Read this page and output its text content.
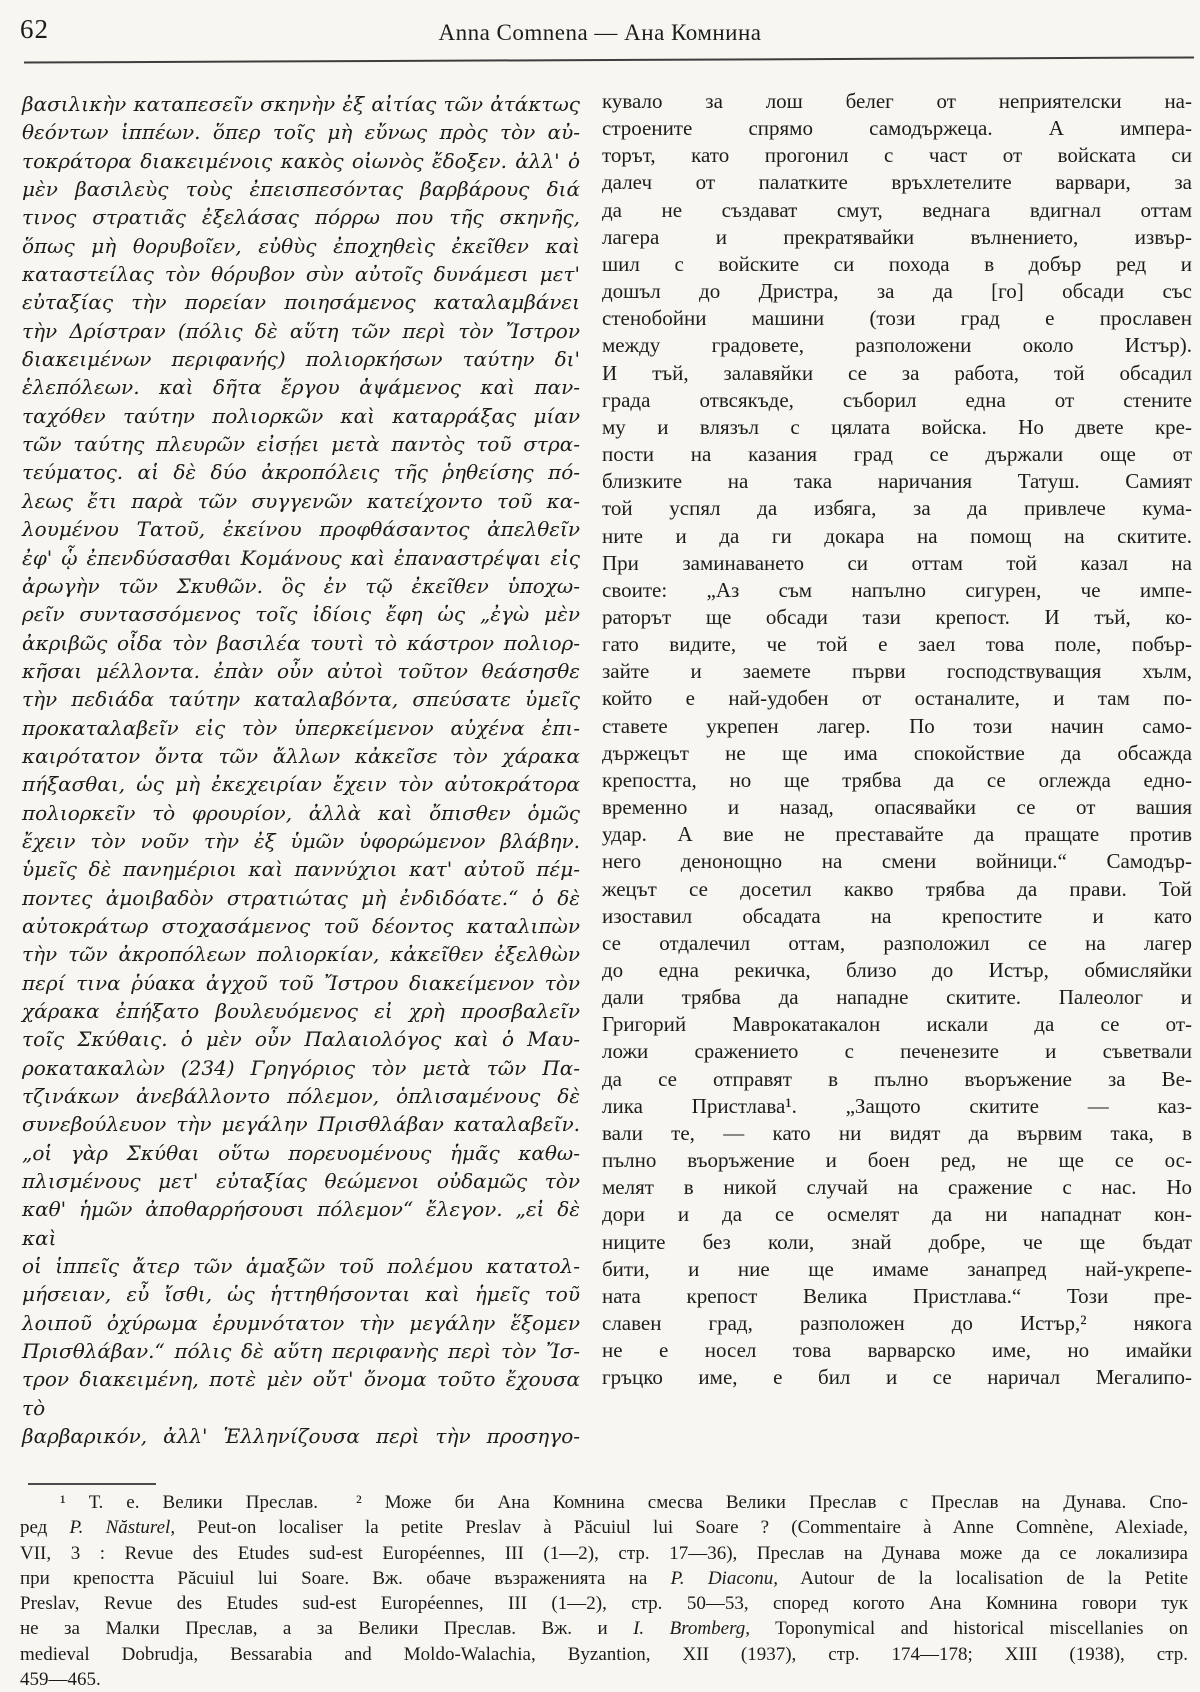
62	Anna Comnena — Ана Комнина
βασιλικὴν καταπεσεῖν σκηνὴν ἐξ αἰτίας τῶν ἀτάκτως
θεόντων ἱππέων. ὅπερ τοῖς μὴ εὔνως πρὸς τὸν αὐ-
τοκράτορα διακειμένοις κακὸς οἰωνὸς ἔδοξεν. ἀλλ' ὁ
μὲν βασιλεὺς τοὺς ἐπεισπεσόντας βαρβάρους διά
τινος στρατιᾶς ἐξελάσας πόρρω που τῆς σκηνῆς,
ὅπως μὴ θορυβοῖεν, εὐθὺς ἐποχηθεὶς ἐκεῖθεν καὶ
καταστείλας τὸν θόρυβον σὺν αὐτοῖς δυνάμεσι μετ'
εὐταξίας τὴν πορείαν ποιησάμενος καταλαμβάνει
τὴν Δρίστραν (πόλις δὲ αὕτη τῶν περὶ τὸν Ἴστρον
διακειμένων περιφανής) πολιορκήσων ταύτην δι'
ἑλεπόλεων. καὶ δῆτα ἔργου ἁψάμενος καὶ παν-
ταχόθεν ταύτην πολιορκῶν καὶ καταρράξας μίαν
τῶν ταύτης πλευρῶν εἰσῄει μετὰ παντὸς τοῦ στρα-
τεύματος. αἱ δὲ δύο ἀκροπόλεις τῆς ῥηθείσης πό-
λεως ἔτι παρὰ τῶν συγγενῶν κατείχοντο τοῦ κα-
λουμένου Τατοῦ, ἐκείνου προφθάσαντος ἀπελθεῖν
ἐφ' ᾧ ἐπενδύσασθαι Κομάνους καὶ ἐπαναστρέψαι εἰς
ἀρωγὴν τῶν Σκυθῶν. ὃς ἐν τῷ ἐκεῖθεν ὑποχω-
ρεῖν συντασσόμενος τοῖς ἰδίοις ἔφη ὡς „ἐγὼ μὲν
ἀκριβῶς οἶδα τὸν βασιλέα τουτὶ τὸ κάστρον πολιορ-
κῆσαι μέλλοντα. ἐπὰν οὖν αὐτοὶ τοῦτον θεάσησθε
τὴν πεδιάδα ταύτην καταλαβόντα, σπεύσατε ὑμεῖς
προκαταλαβεῖν εἰς τὸν ὑπερκείμενον αὐχένα ἐπι-
καιρότατον ὄντα τῶν ἄλλων κἀκεῖσε τὸν χάρακα
πήξασθαι, ὡς μὴ ἐκεχειρίαν ἔχειν τὸν αὐτοκράτορα
πολιορκεῖν τὸ φρουρίον, ἀλλὰ καὶ ὄπισθεν ὁμῶς
ἔχειν τὸν νοῦν τὴν ἐξ ὑμῶν ὑφορώμενον βλάβην.
ὑμεῖς δὲ πανημέριοι καὶ παννύχιοι κατ' αὐτοῦ πέμ-
ποντες ἀμοιβαδὸν στρατιώτας μὴ ἐνδιδόατε.“ ὁ δὲ
αὐτοκράτωρ στοχασάμενος τοῦ δέοντος καταλιπὼν
τὴν τῶν ἀκροπόλεων πολιορκίαν, κἀκεῖθεν ἐξελθὼν
περί τινα ῥύακα ἀγχοῦ τοῦ Ἴστρου διακείμενον τὸν
χάρακα ἐπήξατο βουλευόμενος εἰ χρὴ προσβαλεῖν
τοῖς Σκύθαις. ὁ μὲν οὖν Παλαιολόγος καὶ ὁ Μαυ-
ροκατακαλὼν (234) Γρηγόριος τὸν μετὰ τῶν Πα-
τζινάκων ἀνεβάλλοντο πόλεμον, ὁπλισαμένους δὲ
συνεβούλευον τὴν μεγάλην Πρισθλάβαν καταλαβεῖν.
„οἱ γὰρ Σκύθαι οὕτω πορευομένους ἡμᾶς καθω-
πλισμένους μετ' εὐταξίας θεώμενοι οὐδαμῶς τὸν
καθ' ἡμῶν ἀποθαρρήσουσι πόλεμον“ ἔλεγον. „εἰ δὲ καὶ
οἱ ἱππεῖς ἄτερ τῶν ἁμαξῶν τοῦ πολέμου κατατολ-
μήσειαν, εὖ ἴσθι, ὡς ἡττηθήσονται καὶ ἡμεῖς τοῦ
λοιποῦ ὀχύρωμα ἐρυμνότατον τὴν μεγάλην ἕξομεν
Πρισθλάβαν.“ πόλις δὲ αὕτη περιφανὴς περὶ τὸν Ἴσ-
τρον διακειμένη, ποτὲ μὲν οὔτ' ὄνομα τοῦτο ἔχουσα τὸ
βαρβαρικόν, ἀλλ' Ἑλληνίζουσα περὶ τὴν προσηγο-
кувало за лош белег от неприятелски на-
строените спрямо самодържеца. А импера-
торът, като прогонил с част от войската си
далеч от палатките връхлетелите варвари, за
да не създават смут, веднага вдигнал оттам
лагера и прекратявайки вълнението, извър-
шил с войските си похода в добър ред и
дошъл до Дристра, за да [го] обсади със
стенобойни машини (този град е прославен
между градовете, разположени около Истър).
И тъй, залавяйки се за работа, той обсадил
града отвсякъде, съборил една от стените
му и влязъл с цялата войска. Но двете кре-
пости на казания град се държали още от
близките на така наричания Татуш. Самият
той успял да избяга, за да привлече кума-
ните и да ги докара на помощ на скитите.
При заминаването си оттам той казал на
своите: „Аз съм напълно сигурен, че импе-
раторът ще обсади тази крепост. И тъй, ко-
гато видите, че той е заел това поле, побър-
зайте и заемете първи господствуващия хълм,
който е най-удобен от останалите, и там по-
ставете укрепен лагер. По този начин само-
държецът не ще има спокойствие да обсажда
крепостта, но ще трябва да се оглежда едно-
временно и назад, опасявайки се от вашия
удар. А вие не преставайте да пращате против
него денонощно на смени войници.“ Самодър-
жецът се досетил какво трябва да прави. Той
изоставил обсадата на крепостите и като
се отдалечил оттам, разположил се на лагер
до една рекичка, близо до Истър, обмисляйки
дали трябва да нападне скитите. Палеолог и
Григорий Маврокатакалон искали да се от-
ложи сражението с печенезите и съветвали
да се отправят в пълно въоръжение за Ве-
лика Пристлава¹. „Защото скитите — каз-
вали те, — като ни видят да вървим така, в
пълно въоръжение и боен ред, не ще се ос-
мелят в никой случай на сражение с нас. Но
дори и да се осмелят да ни нападнат кон-
ниците без коли, знай добре, че ще бъдат
бити, и ние ще имаме занапред най-укрепе-
ната крепост Велика Пристлава.“ Този пре-
славен град, разположен до Истър,² някога
не е носел това варварско име, но имайки
гръцко име, е бил и се наричал Мегалипо-
¹ Т. е. Велики Преслав.  ² Може би Ана Комнина смесва Велики Преслав с Преслав на Дунава. Спо-
ред P. Năsturel, Peut-on localiser la petite Preslav à Păcuiul lui Soare ? (Commentaire à Anne Comnène, Alexiade,
VII, 3 : Revue des Etudes sud-est Européennes, III (1—2), стр. 17—36), Преслав на Дунава може да се локализира
при крепостта Păcuiul lui Soare. Вж. обаче възраженията на P. Diaconu, Autour de la localisation de la Petite
Preslav, Revue des Etudes sud-est Européennes, III (1—2), стр. 50—53, според когото Ана Комнина говори тук
не за Малки Преслав, а за Велики Преслав. Вж. и I. Bromberg, Toponymical and historical miscellanies on
medieval Dobrudja, Bessarabia and Moldo-Walachia, Byzantion, XII (1937), стр. 174—178; XIII (1938), стр.
459—465.
